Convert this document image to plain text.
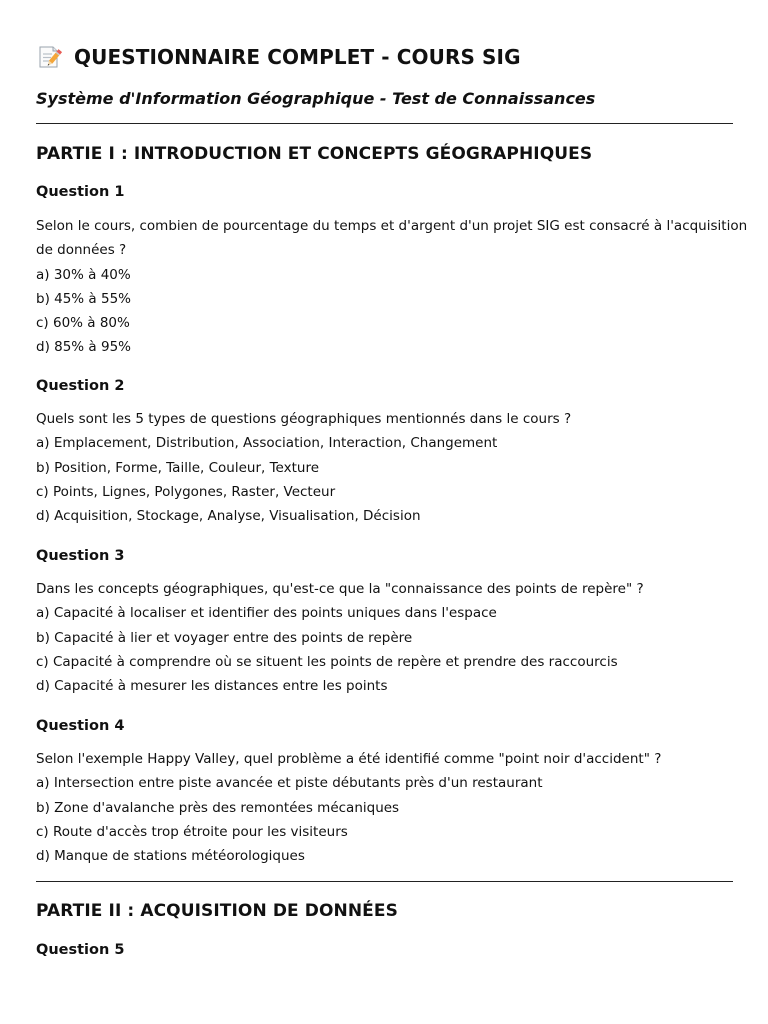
QUESTIONNAIRE COMPLET - COURS SIG

Système d'Information Géographique - Test de Connaissances

PARTIE I : INTRODUCTION ET CONCEPTS GÉOGRAPHIQUES
Question 1
Selon le cours, combien de pourcentage du temps et d'argent d'un projet SIG est consacré à l'acquisition
de données ?
a) 30% à 40%
b) 45% à 55%
c) 60% à 80%
d) 85% à 95%
Question 2
Quels sont les 5 types de questions géographiques mentionnés dans le cours ?
a) Emplacement, Distribution, Association, Interaction, Changement
b) Position, Forme, Taille, Couleur, Texture
c) Points, Lignes, Polygones, Raster, Vecteur
d) Acquisition, Stockage, Analyse, Visualisation, Décision
Question 3
Dans les concepts géographiques, qu'est-ce que la "connaissance des points de repère" ?
a) Capacité à localiser et identifier des points uniques dans l'espace
b) Capacité à lier et voyager entre des points de repère
c) Capacité à comprendre où se situent les points de repère et prendre des raccourcis
d) Capacité à mesurer les distances entre les points
Question 4
Selon l'exemple Happy Valley, quel problème a été identifié comme "point noir d'accident" ?
a) Intersection entre piste avancée et piste débutants près d'un restaurant
b) Zone d'avalanche près des remontées mécaniques
c) Route d'accès trop étroite pour les visiteurs
d) Manque de stations météorologiques
PARTIE II : ACQUISITION DE DONNÉES
Question 5
